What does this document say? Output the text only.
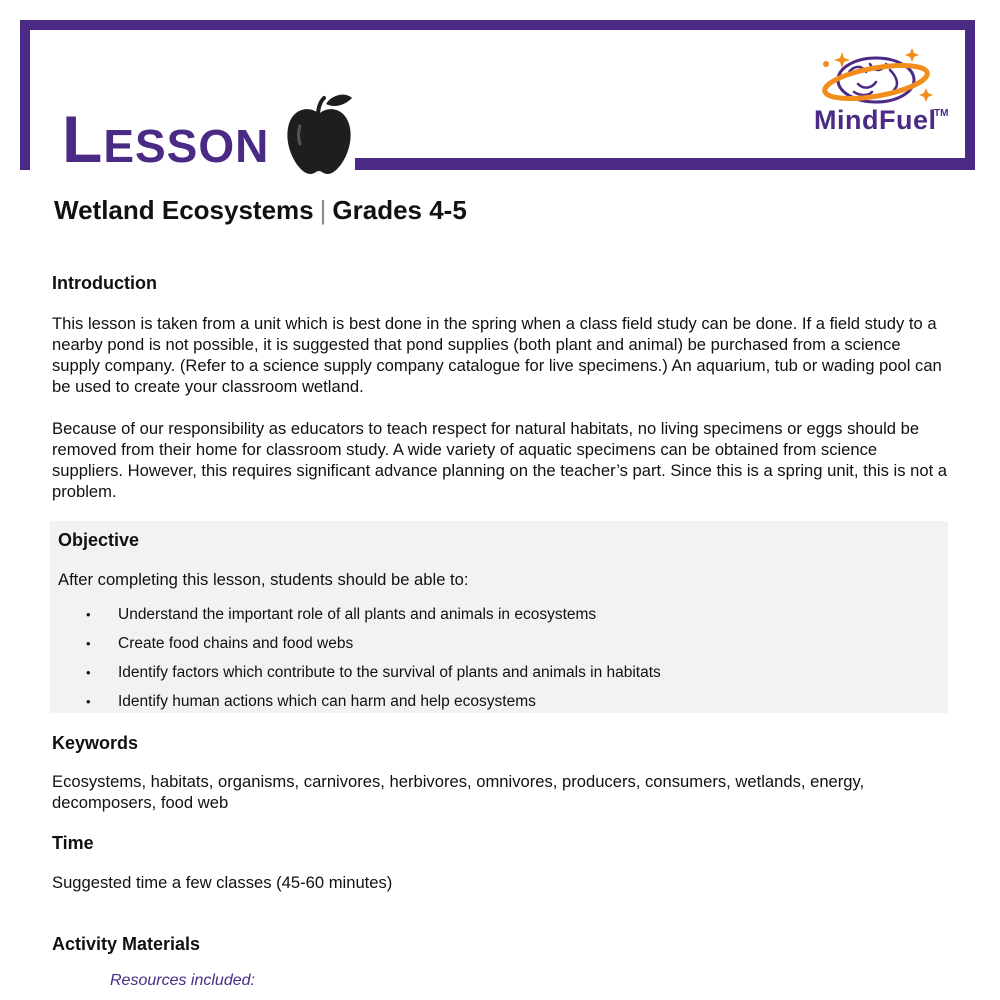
Lesson	MindFuel
TM
Wetland Ecosystems | Grades 4-5
Introduction
This lesson is taken from a unit which is best done in the spring when a class field study can be done. If a field study to a nearby pond is not possible, it is suggested that pond supplies (both plant and animal) be purchased from a science supply company. (Refer to a science supply company catalogue for live specimens.) An aquarium, tub or wading pool can be used to create your classroom wetland.
Because of our responsibility as educators to teach respect for natural habitats, no living specimens or eggs should be removed from their home for classroom study. A wide variety of aquatic specimens can be obtained from science suppliers. However, this requires significant advance planning on the teacher’s part. Since this is a spring unit, this is not a problem.
Objective
After completing this lesson, students should be able to:
• Understand the important role of all plants and animals in ecosystems
• Create food chains and food webs
• Identify factors which contribute to the survival of plants and animals in habitats
• Identify human actions which can harm and help ecosystems
Keywords
Ecosystems, habitats, organisms, carnivores, herbivores, omnivores, producers, consumers, wetlands, energy, decomposers, food web
Time
Suggested time a few classes (45-60 minutes)
Activity Materials
Resources included:
